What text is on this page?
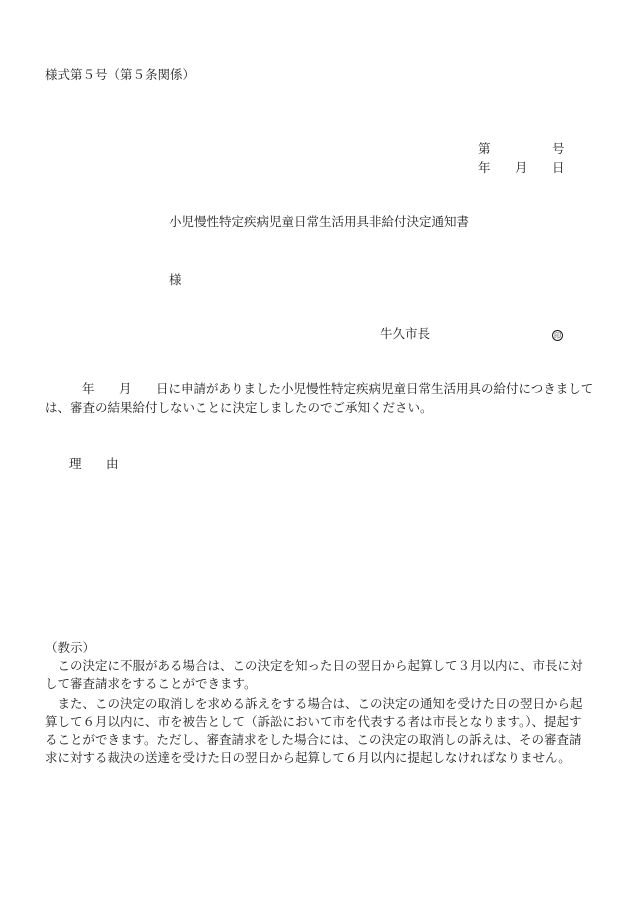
様式第５号（第５条関係）
第	号
年 月 日
小児慢性特定疾病児童日常生活用具非給付決定通知書
様
牛久市長	印
年 月 日に申請がありました小児慢性特定疾病児童日常生活用具の給付につきまして
は、審査の結果給付しないことに決定しましたのでご承知ください。
理 由
（教示）
この決定に不服がある場合は、この決定を知った日の翌日から起算して３月以内に、市長に対して審査請求をすることができます。
また、この決定の取消しを求める訴えをする場合は、この決定の通知を受けた日の翌日から起算して６月以内に、市を被告として（訴訟において市を代表する者は市長となります。）、提起することができます。ただし、審査請求をした場合には、この決定の取消しの訴えは、その審査請求に対する裁決の送達を受けた日の翌日から起算して６月以内に提起しなければなりません。
